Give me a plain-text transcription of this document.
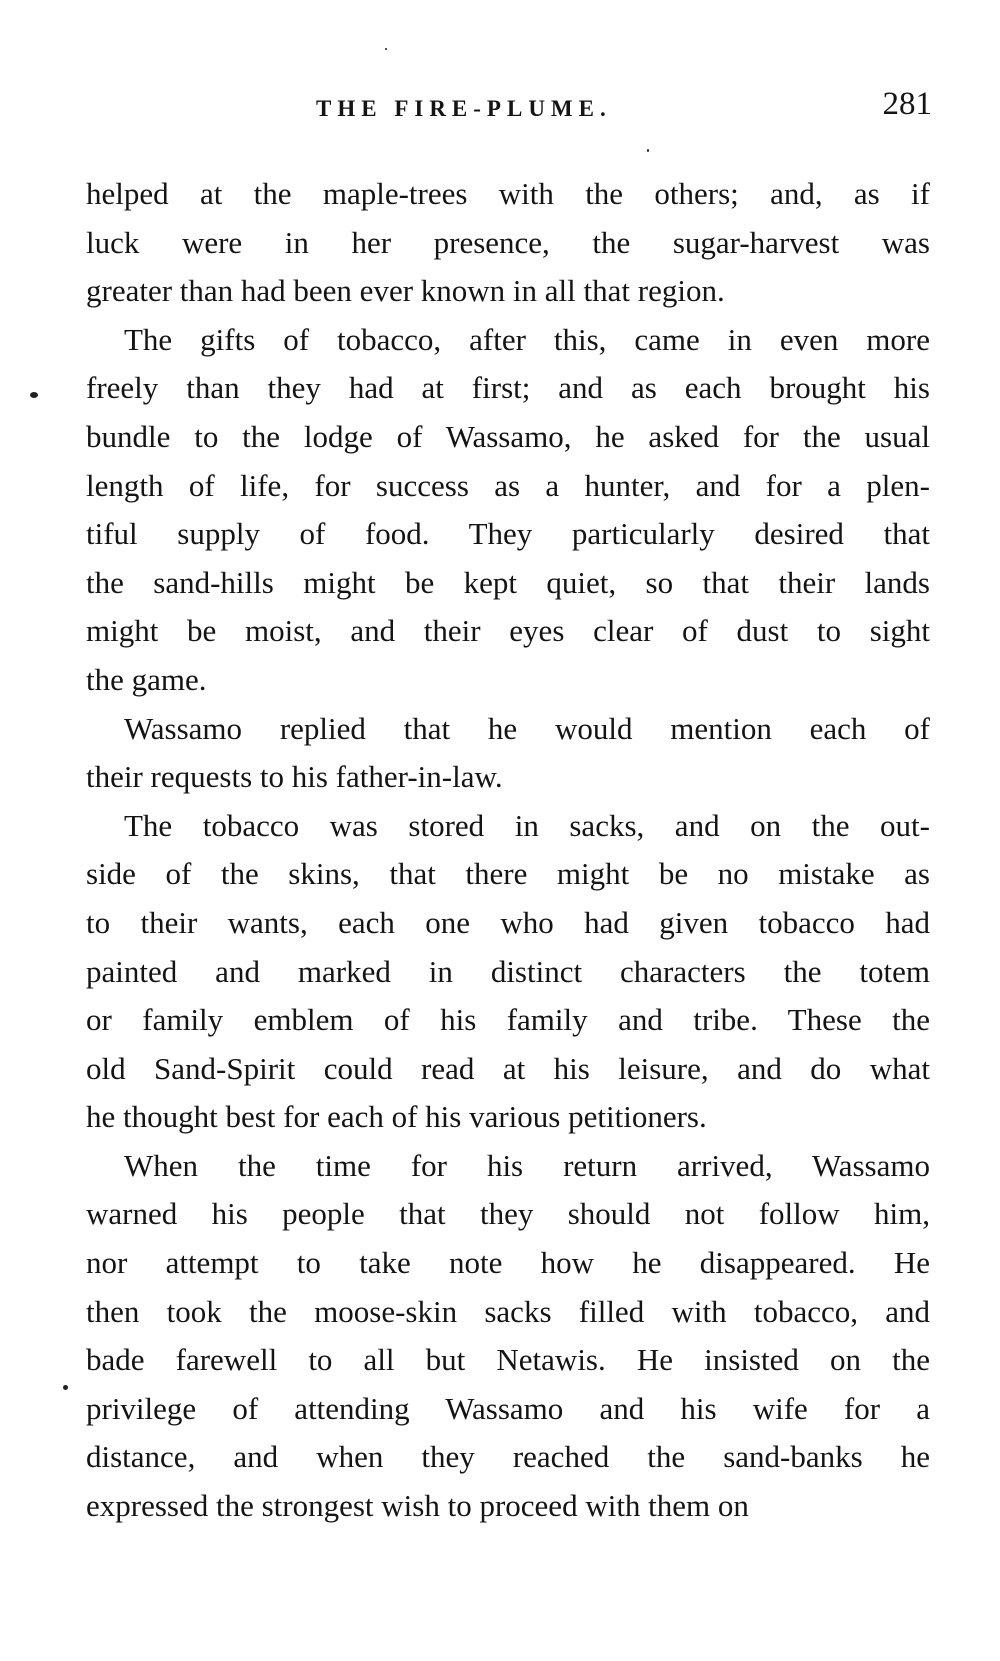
THE FIRE-PLUME.	281

helped at the maple-trees with the others; and, as if

luck were in her presence, the sugar-harvest was

greater than had been ever known in all that region.

The gifts of tobacco, after this, came in even more

freely than they had at first; and as each brought his

bundle to the lodge of Wassamo, he asked for the usual

length of life, for success as a hunter, and for a plen-

tiful supply of food. They particularly desired that

the sand-hills might be kept quiet, so that their lands

might be moist, and their eyes clear of dust to sight

the game.

Wassamo replied that he would mention each of

their requests to his father-in-law.

The tobacco was stored in sacks, and on the out-

side of the skins, that there might be no mistake as

to their wants, each one who had given tobacco had

painted and marked in distinct characters the totem

or family emblem of his family and tribe. These the

old Sand-Spirit could read at his leisure, and do what

he thought best for each of his various petitioners.

When the time for his return arrived, Wassamo

warned his people that they should not follow him,

nor attempt to take note how he disappeared. He

then took the moose-skin sacks filled with tobacco, and

bade farewell to all but Netawis. He insisted on the

privilege of attending Wassamo and his wife for a

distance, and when they reached the sand-banks he

expressed the strongest wish to proceed with them on
